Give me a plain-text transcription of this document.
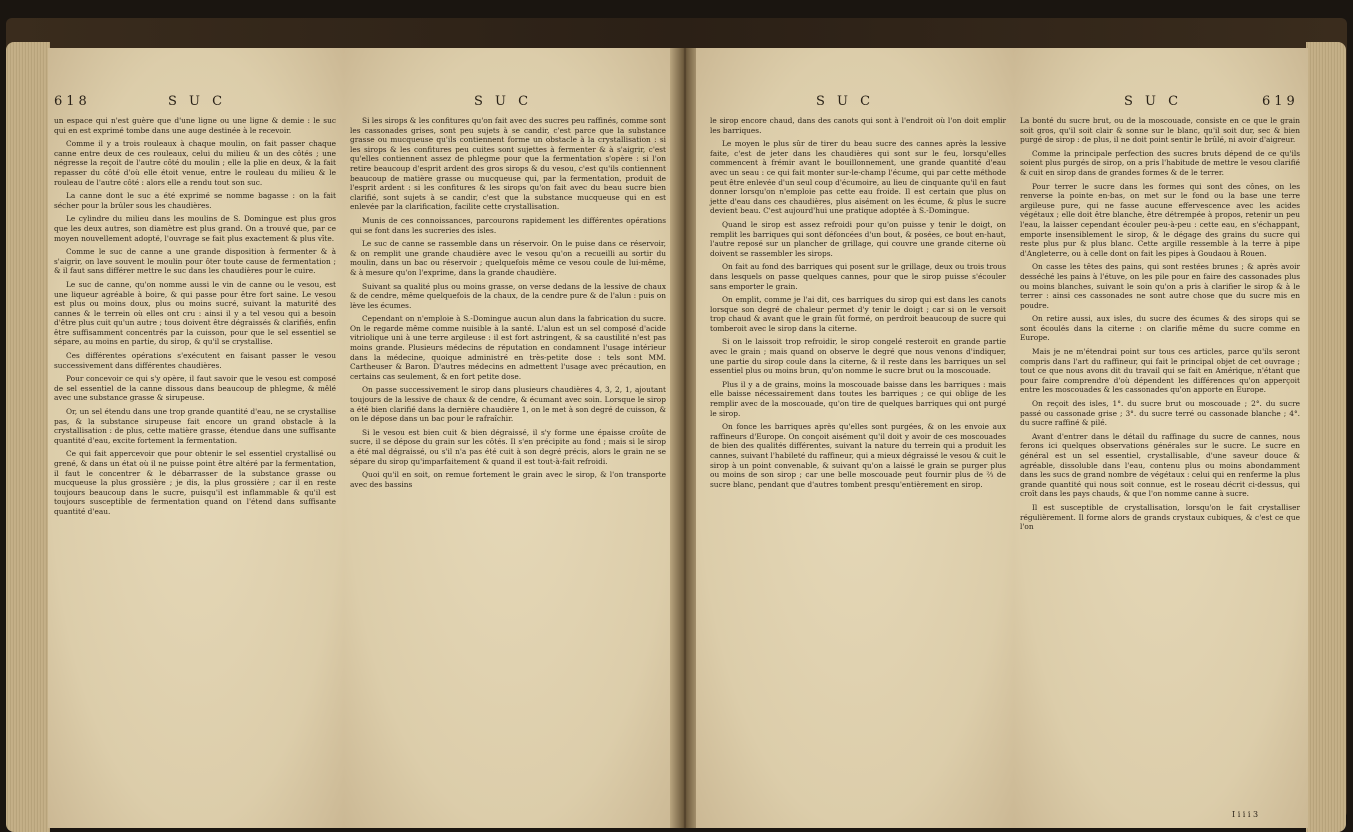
618	S U C

un espace qui n'est guère que d'une ligne ou une ligne & demie : le suc qui en est exprimé tombe dans une auge destinée à le recevoir.

Comme il y a trois rouleaux à chaque moulin, on fait passer chaque canne entre deux de ces rouleaux, celui du milieu & un des côtés ; une négresse la reçoit de l'autre côté du moulin ; elle la plie en deux, & la fait repasser du côté d'où elle étoit venue, entre le rouleau du milieu & le rouleau de l'autre côté : alors elle a rendu tout son suc.

La canne dont le suc a été exprimé se nomme bagasse : on la fait sécher pour la brûler sous les chaudières.

Le cylindre du milieu dans les moulins de S. Domingue est plus gros que les deux autres, son diamètre est plus grand. On a trouvé que, par ce moyen nouvellement adopté, l'ouvrage se fait plus exactement & plus vîte.

Comme le suc de canne a une grande disposition à fermenter & à s'aigrir, on lave souvent le moulin pour ôter toute cause de fermentation ; & il faut sans différer mettre le suc dans les chaudières pour le cuire.

Le suc de canne, qu'on nomme aussi le vin de canne ou le vesou, est une liqueur agréable à boire, & qui passe pour être fort saine. Le vesou est plus ou moins doux, plus ou moins sucré, suivant la maturité des cannes & le terrein où elles ont cru : ainsi il y a tel vesou qui a besoin d'être plus cuit qu'un autre ; tous doivent être dégraissés & clarifiés, enfin être suffisamment concentrés par la cuisson, pour que le sel essentiel se sépare, au moins en partie, du sirop, & qu'il se crystallise.

Ces différentes opérations s'exécutent en faisant passer le vesou successivement dans différentes chaudières.

Pour concevoir ce qui s'y opère, il faut savoir que le vesou est composé de sel essentiel de la canne dissous dans beaucoup de phlegme, & mêlé avec une substance grasse & sirupeuse.

Or, un sel étendu dans une trop grande quantité d'eau, ne se crystallise pas, & la substance sirupeuse fait encore un grand obstacle à la crystallisation : de plus, cette matière grasse, étendue dans une suffisante quantité d'eau, excite fortement la fermentation.

Ce qui fait appercevoir que pour obtenir le sel essentiel crystallisé ou grené, & dans un état où il ne puisse point être altéré par la fermentation, il faut le concentrer & le débarrasser de la substance grasse ou mucqueuse la plus grossière ; je dis, la plus grossière ; car il en reste toujours beaucoup dans le sucre, puisqu'il est inflammable & qu'il est toujours susceptible de fermentation quand on l'étend dans suffisante quantité d'eau.

S U C

Si les sirops & les confitures qu'on fait avec des sucres peu raffinés, comme sont les cassonades grises, sont peu sujets à se candir, c'est parce que la substance grasse ou mucqueuse qu'ils contiennent forme un obstacle à la crystallisation : si les sirops & les confitures peu cuites sont sujettes à fermenter & à s'aigrir, c'est qu'elles contiennent assez de phlegme pour que la fermentation s'opère : si l'on retire beaucoup d'esprit ardent des gros sirops & du vesou, c'est qu'ils contiennent beaucoup de matière grasse ou mucqueuse qui, par la fermentation, produit de l'esprit ardent : si les confitures & les sirops qu'on fait avec du beau sucre bien clarifié, sont sujets à se candir, c'est que la substance mucqueuse qui en est enlevée par la clarification, facilite cette crystallisation.

Munis de ces connoissances, parcourons rapidement les différentes opérations qui se font dans les sucreries des isles.

Le suc de canne se rassemble dans un réservoir. On le puise dans ce réservoir, & on remplit une grande chaudière avec le vesou qu'on a recueilli au sortir du moulin, dans un bac ou réservoir ; quelquefois même ce vesou coule de lui-même, & à mesure qu'on l'exprime, dans la grande chaudière.

Suivant sa qualité plus ou moins grasse, on verse dedans de la lessive de chaux & de cendre, même quelquefois de la chaux, de la cendre pure & de l'alun : puis on lève les écumes.

Cependant on n'emploie à S.-Domingue aucun alun dans la fabrication du sucre. On le regarde même comme nuisible à la santé. L'alun est un sel composé d'acide vitriolique uni à une terre argileuse : il est fort astringent, & sa caustilité n'est pas moins grande. Plusieurs médecins de réputation en condamnent l'usage intérieur dans la médecine, quoique administré en très-petite dose : tels sont MM. Cartheuser & Baron. D'autres médecins en admettent l'usage avec précaution, en certains cas seulement, & en fort petite dose.

On passe successivement le sirop dans plusieurs chaudières 4, 3, 2, 1, ajoutant toujours de la lessive de chaux & de cendre, & écumant avec soin. Lorsque le sirop a été bien clarifié dans la dernière chaudière 1, on le met à son degré de cuisson, & on le dépose dans un bac pour le rafraîchir.

Si le vesou est bien cuit & bien dégraissé, il s'y forme une épaisse croûte de sucre, il se dépose du grain sur les côtés. Il s'en précipite au fond ; mais si le sirop a été mal dégraissé, ou s'il n'a pas été cuit à son degré précis, alors le grain ne se sépare du sirop qu'imparfaitement & quand il est tout-à-fait refroidi.

Quoi qu'il en soit, on remue fortement le grain avec le sirop, & l'on transporte avec des bassins

S U C

le sirop encore chaud, dans des canots qui sont à l'endroit où l'on doit emplir les barriques.

Le moyen le plus sûr de tirer du beau sucre des cannes après la lessive faite, c'est de jeter dans les chaudières qui sont sur le feu, lorsqu'elles commencent à frémir avant le bouillonnement, une grande quantité d'eau avec un seau : ce qui fait monter sur-le-champ l'écume, qui par cette méthode peut être enlevée d'un seul coup d'écumoire, au lieu de cinquante qu'il en faut donner lorsqu'on n'emploie pas cette eau froide. Il est certain que plus on jette d'eau dans ces chaudières, plus aisément on les écume, & plus le sucre devient beau. C'est aujourd'hui une pratique adoptée à S.-Domingue.

Quand le sirop est assez refroidi pour qu'on puisse y tenir le doigt, on remplit les barriques qui sont défoncées d'un bout, & posées, ce bout en-haut, l'autre reposé sur un plancher de grillage, qui couvre une grande citerne où doivent se rassembler les sirops.

On fait au fond des barriques qui posent sur le grillage, deux ou trois trous dans lesquels on passe quelques cannes, pour que le sirop puisse s'écouler sans emporter le grain.

On emplit, comme je l'ai dit, ces barriques du sirop qui est dans les canots lorsque son degré de chaleur permet d'y tenir le doigt ; car si on le versoit trop chaud & avant que le grain fût formé, on perdroit beaucoup de sucre qui tomberoit avec le sirop dans la citerne.

Si on le laissoit trop refroidir, le sirop congelé resteroit en grande partie avec le grain ; mais quand on observe le degré que nous venons d'indiquer, une partie du sirop coule dans la citerne, & il reste dans les barriques un sel essentiel plus ou moins brun, qu'on nomme le sucre brut ou la moscouade.

Plus il y a de grains, moins la moscouade baisse dans les barriques : mais elle baisse nécessairement dans toutes les barriques ; ce qui oblige de les remplir avec de la moscouade, qu'on tire de quelques barriques qui ont purgé le sirop.

On fonce les barriques après qu'elles sont purgées, & on les envoie aux raffineurs d'Europe. On conçoit aisément qu'il doit y avoir de ces moscouades de bien des qualités différentes, suivant la nature du terrein qui a produit les cannes, suivant l'habileté du raffineur, qui a mieux dégraissé le vesou & cuit le sirop à un point convenable, & suivant qu'on a laissé le grain se purger plus ou moins de son sirop ; car une belle moscouade peut fournir plus de ⅔ de sucre blanc, pendant que d'autres tombent presqu'entièrement en sirop.

S U C	619

La bonté du sucre brut, ou de la moscouade, consiste en ce que le grain soit gros, qu'il soit clair & sonne sur le blanc, qu'il soit dur, sec & bien purgé de sirop : de plus, il ne doit point sentir le brûlé, ni avoir d'aigreur.

Comme la principale perfection des sucres bruts dépend de ce qu'ils soient plus purgés de sirop, on a pris l'habitude de mettre le vesou clarifié & cuit en sirop dans de grandes formes & de le terrer.

Pour terrer le sucre dans les formes qui sont des cônes, on les renverse la pointe en-bas, on met sur le fond ou la base une terre argileuse pure, qui ne fasse aucune effervescence avec les acides végétaux ; elle doit être blanche, être détrempée à propos, retenir un peu l'eau, la laisser cependant écouler peu-à-peu : cette eau, en s'échappant, emporte insensiblement le sirop, & le dégage des grains du sucre qui reste plus pur & plus blanc. Cette argille ressemble à la terre à pipe d'Angleterre, ou à celle dont on fait les pipes à Goudaou à Rouen.

On casse les têtes des pains, qui sont restées brunes ; & après avoir desséché les pains à l'étuve, on les pile pour en faire des cassonades plus ou moins blanches, suivant le soin qu'on a pris à clarifier le sirop & à le terrer : ainsi ces cassonades ne sont autre chose que du sucre mis en poudre.

On retire aussi, aux isles, du sucre des écumes & des sirops qui se sont écoulés dans la citerne : on clarifie même du sucre comme en Europe.

Mais je ne m'étendrai point sur tous ces articles, parce qu'ils seront compris dans l'art du raffineur, qui fait le principal objet de cet ouvrage ; tout ce que nous avons dit du travail qui se fait en Amérique, n'étant que pour faire comprendre d'où dépendent les différences qu'on apperçoit entre les moscouades & les cassonades qu'on apporte en Europe.

On reçoit des isles, 1°. du sucre brut ou moscouade ; 2°. du sucre passé ou cassonade grise ; 3°. du sucre terré ou cassonade blanche ; 4°. du sucre raffiné & pilé.

Avant d'entrer dans le détail du raffinage du sucre de cannes, nous ferons ici quelques observations générales sur le sucre. Le sucre en général est un sel essentiel, crystallisable, d'une saveur douce & agréable, dissoluble dans l'eau, contenu plus ou moins abondamment dans les sucs de grand nombre de végétaux : celui qui en renferme la plus grande quantité qui nous soit connue, est le roseau décrit ci-dessus, qui croît dans les pays chauds, & que l'on nomme canne à sucre.

Il est susceptible de crystallisation, lorsqu'on le fait crystalliser régulièrement. Il forme alors de grands crystaux cubiques, & c'est ce que l'on

I i i i 3
